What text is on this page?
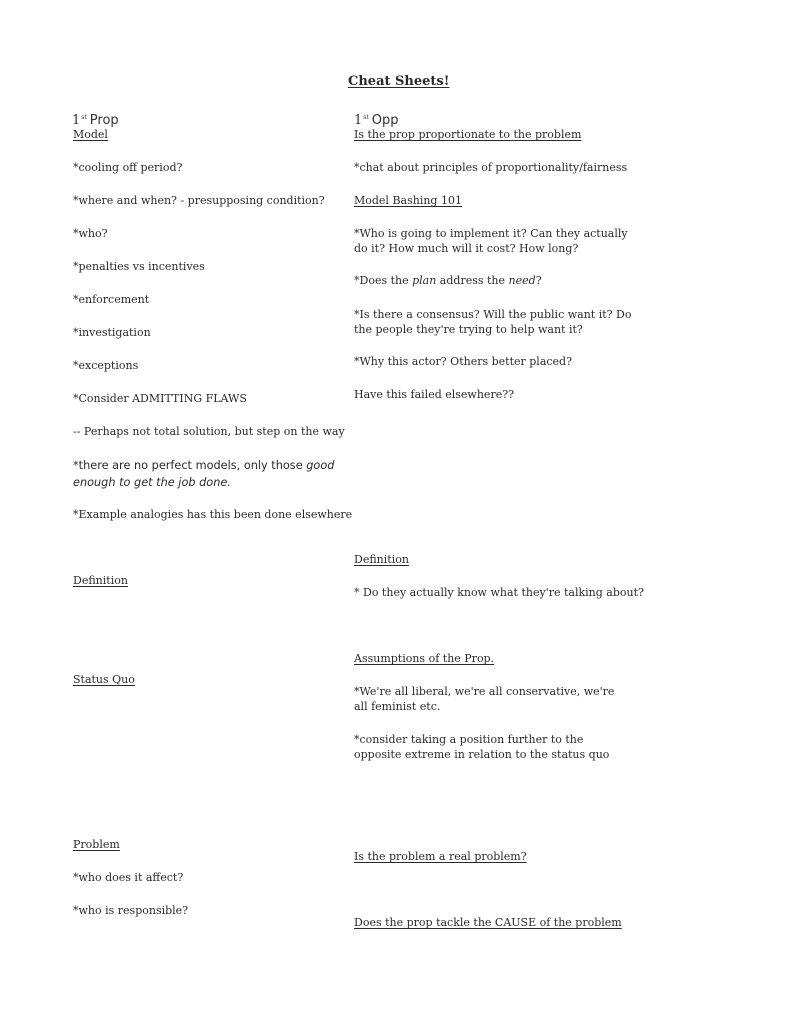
Cheat Sheets!
1st Prop
Model
*cooling off period?
*where and when? - presupposing condition?
*who?
*penalties vs incentives
*enforcement
*investigation
*exceptions
*Consider ADMITTING FLAWS
-- Perhaps not total solution, but step on the way
*there are no perfect models, only those good
enough to get the job done.
*Example analogies has this been done elsewhere
Definition
Status Quo
Problem
*who does it affect?
*who is responsible?
1st Opp
Is the prop proportionate to the problem
*chat about principles of proportionality/fairness
Model Bashing 101
*Who is going to implement it? Can they actually do it? How much will it cost? How long?
*Does the plan address the need?
*Is there a consensus? Will the public want it? Do the people they're trying to help want it?
*Why this actor? Others better placed?
Have this failed elsewhere??
Definition
* Do they actually know what they're talking about?
Assumptions of the Prop.
*We're all liberal, we're all conservative, we're all feminist etc.
*consider taking a position further to the opposite extreme in relation to the status quo
Is the problem a real problem?
Does the prop tackle the CAUSE of the problem
